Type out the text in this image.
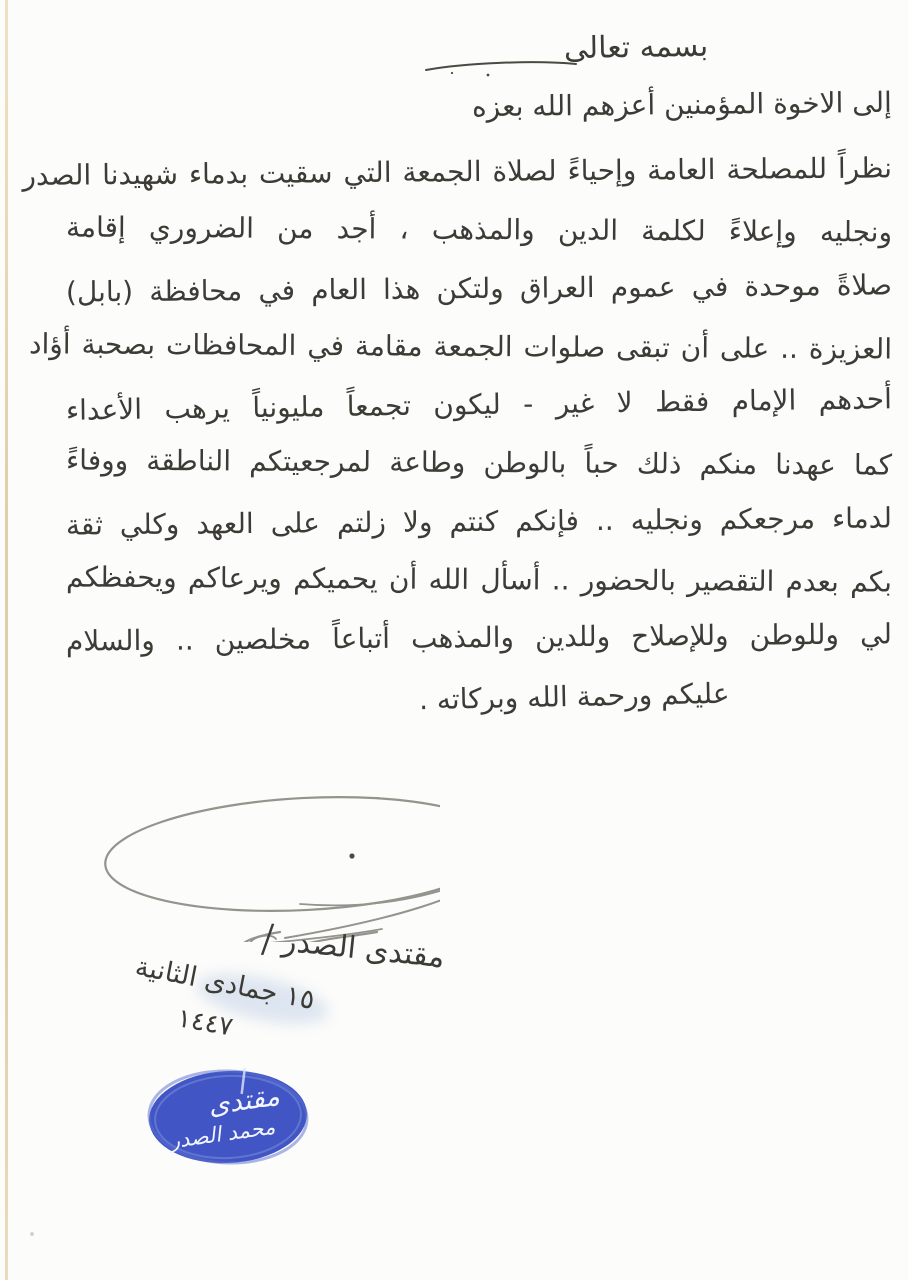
بسمه تعالى
إلى الاخوة المؤمنين أعزهم الله بعزه
نظراً للمصلحة العامة وإحياءً لصلاة الجمعة التي سقيت بدماء شهيدنا الصدر
ونجليه وإعلاءً لكلمة الدين والمذهب ، أجد من الضروري إقامة
صلاةً موحدة في عموم العراق ولتكن هذا العام في محافظة (بابل)
العزيزة .. على أن تبقى صلوات الجمعة مقامة في المحافظات بصحبة أؤاد
أحدهم الإمام فقط لا غير - ليكون تجمعاً مليونياً يرهب الأعداء
كما عهدنا منكم ذلك حباً بالوطن وطاعة لمرجعيتكم الناطقة ووفاءً
لدماء مرجعكم ونجليه .. فإنكم كنتم ولا زلتم على العهد وكلي ثقة
بكم بعدم التقصير بالحضور .. أسأل الله أن يحميكم ويرعاكم ويحفظكم
لي وللوطن وللإصلاح وللدين والمذهب أتباعاً مخلصين .. والسلام
عليكم ورحمة الله وبركاته .
مقتدى الصدر/
١٥ جمادى الثانية
١٤٤٧
مقتدى
محمد الصدر
